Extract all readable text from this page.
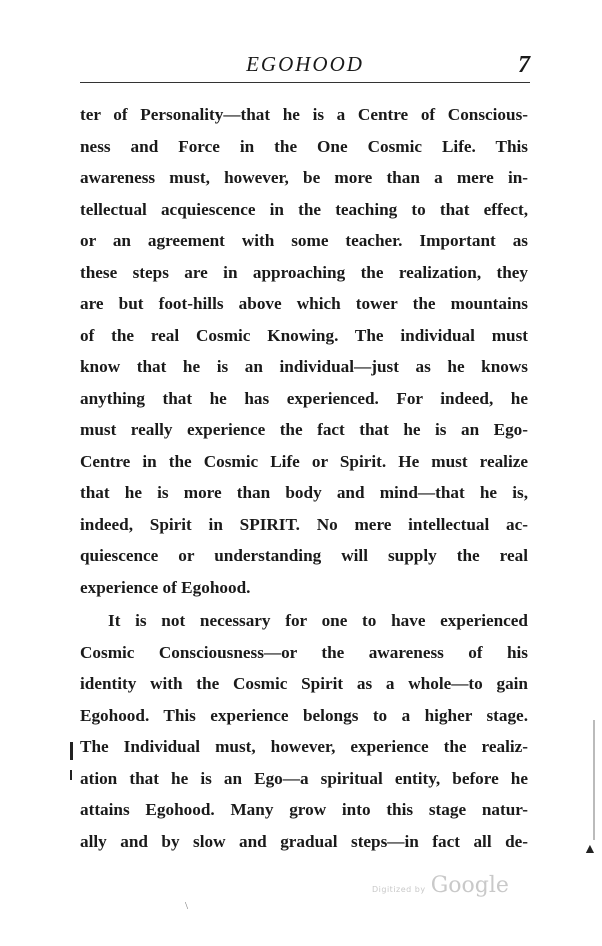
EGOHOOD	7
ter of Personality—that he is a Centre of Conscious-
ness and Force in the One Cosmic Life. This
awareness must, however, be more than a mere in-
tellectual acquiescence in the teaching to that effect,
or an agreement with some teacher. Important as
these steps are in approaching the realization, they
are but foot-hills above which tower the mountains
of the real Cosmic Knowing. The individual must
know that he is an individual—just as he knows
anything that he has experienced. For indeed, he
must really experience the fact that he is an Ego-
Centre in the Cosmic Life or Spirit. He must realize
that he is more than body and mind—that he is,
indeed, Spirit in SPIRIT. No mere intellectual ac-
quiescence or understanding will supply the real
experience of Egohood.
It is not necessary for one to have experienced
Cosmic Consciousness—or the awareness of his
identity with the Cosmic Spirit as a whole—to gain
Egohood. This experience belongs to a higher stage.
The Individual must, however, experience the realiz-
ation that he is an Ego—a spiritual entity, before he
attains Egohood. Many grow into this stage natur-
ally and by slow and gradual steps—in fact all de-	▲
\
Digitized by Google
